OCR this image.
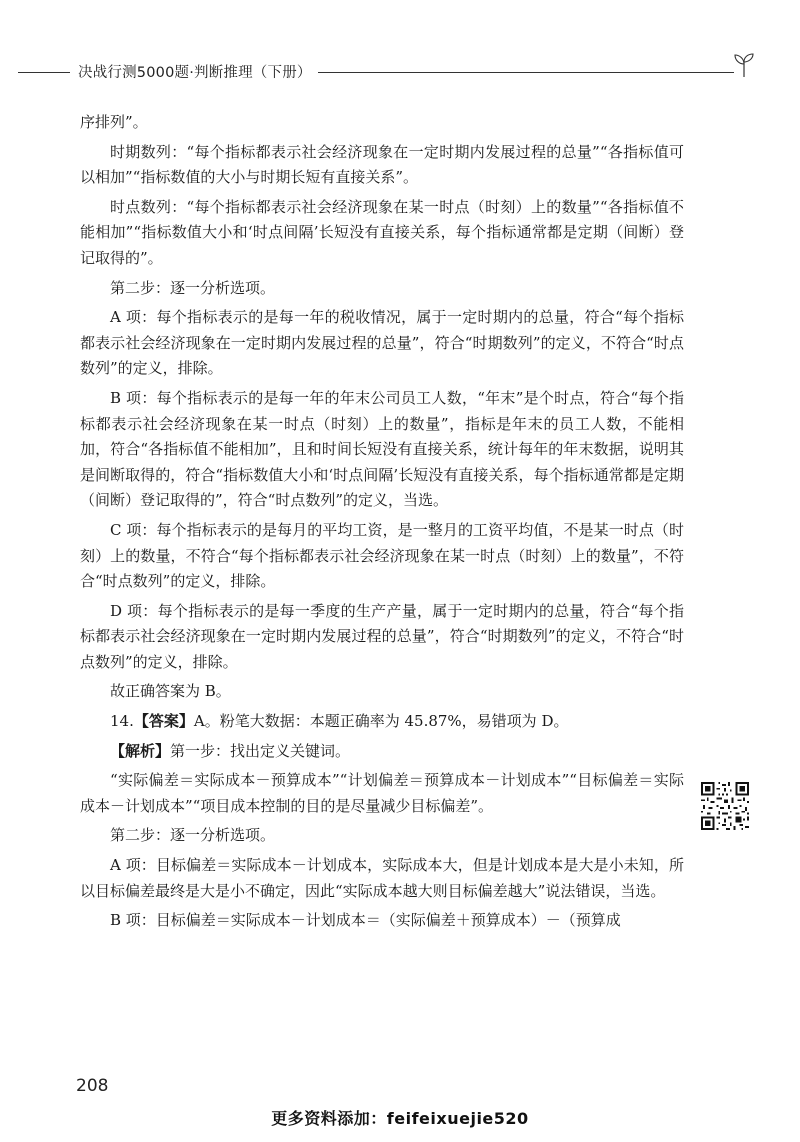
决战行测5000题·判断推理（下册）

序排列”。

时期数列：“每个指标都表示社会经济现象在一定时期内发展过程的总量”“各指标值可以相加”“指标数值的大小与时期长短有直接关系”。

时点数列：“每个指标都表示社会经济现象在某一时点（时刻）上的数量”“各指标值不能相加”“指标数值大小和‘时点间隔’长短没有直接关系，每个指标通常都是定期（间断）登记取得的”。

第二步：逐一分析选项。

A 项：每个指标表示的是每一年的税收情况，属于一定时期内的总量，符合“每个指标都表示社会经济现象在一定时期内发展过程的总量”，符合“时期数列”的定义，不符合“时点数列”的定义，排除。

B 项：每个指标表示的是每一年的年末公司员工人数，“年末”是个时点，符合“每个指标都表示社会经济现象在某一时点（时刻）上的数量”，指标是年末的员工人数，不能相加，符合“各指标值不能相加”，且和时间长短没有直接关系，统计每年的年末数据，说明其是间断取得的，符合“指标数值大小和‘时点间隔’长短没有直接关系，每个指标通常都是定期（间断）登记取得的”，符合“时点数列”的定义，当选。

C 项：每个指标表示的是每月的平均工资，是一整月的工资平均值，不是某一时点（时刻）上的数量，不符合“每个指标都表示社会经济现象在某一时点（时刻）上的数量”，不符合“时点数列”的定义，排除。

D 项：每个指标表示的是每一季度的生产产量，属于一定时期内的总量，符合“每个指标都表示社会经济现象在一定时期内发展过程的总量”，符合“时期数列”的定义，不符合“时点数列”的定义，排除。

故正确答案为 B。

14.【答案】A。粉笔大数据：本题正确率为 45.87%，易错项为 D。

【解析】第一步：找出定义关键词。

“实际偏差＝实际成本－预算成本”“计划偏差＝预算成本－计划成本”“目标偏差＝实际成本－计划成本”“项目成本控制的目的是尽量减少目标偏差”。

第二步：逐一分析选项。

A 项：目标偏差＝实际成本－计划成本，实际成本大，但是计划成本是大是小未知，所以目标偏差最终是大是小不确定，因此“实际成本越大则目标偏差越大”说法错误，当选。

B 项：目标偏差＝实际成本－计划成本＝（实际偏差＋预算成本）－（预算成

208
更多资料添加：feifeixuejie520
